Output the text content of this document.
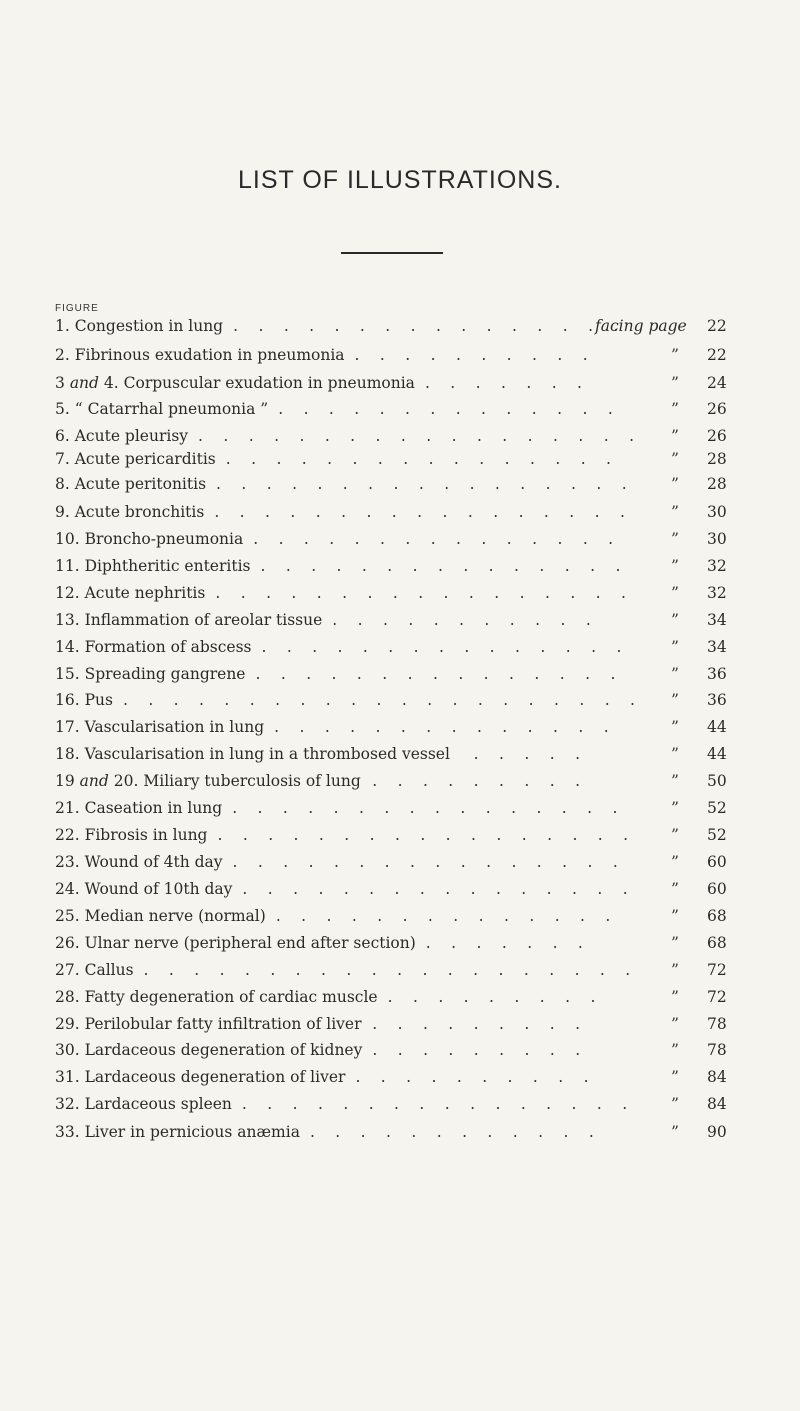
LIST OF ILLUSTRATIONS.
FIGURE
1. Congestion in lung	facing page 22
.  .  .  .  .  .  .  .  .  .  .  .  .  .  .  .
2. Fibrinous exudation in pneumonia	”	22
.  .  .  .  .  .  .  .  .  .
3 and 4. Corpuscular exudation in pneumonia	”	24
.  .  .  .  .  .  .
5. “ Catarrhal pneumonia ”	”	26
.  .  .  .  .  .  .  .  .  .  .  .  .  .
6. Acute pleurisy	”	26
.  .  .  .  .  .  .  .  .  .  .  .  .  .  .  .  .  .
7. Acute pericarditis	”	28
.  .  .  .  .  .  .  .  .  .  .  .  .  .  .  .
8. Acute peritonitis	”	28
.  .  .  .  .  .  .  .  .  .  .  .  .  .  .  .  .
9. Acute bronchitis	”	30
.  .  .  .  .  .  .  .  .  .  .  .  .  .  .  .  .
10. Broncho-pneumonia	”	30
.  .  .  .  .  .  .  .  .  .  .  .  .  .  .
11. Diphtheritic enteritis	”	32
.  .  .  .  .  .  .  .  .  .  .  .  .  .  .
12. Acute nephritis	”	32
.  .  .  .  .  .  .  .  .  .  .  .  .  .  .  .  .
13. Inflammation of areolar tissue	”	34
.  .  .  .  .  .  .  .  .  .  .
14. Formation of abscess	”	34
.  .  .  .  .  .  .  .  .  .  .  .  .  .  .
15. Spreading gangrene	”	36
.  .  .  .  .  .  .  .  .  .  .  .  .  .  .
16. Pus	”	36
.  .  .  .  .  .  .  .  .  .  .  .  .  .  .  .  .  .  .  .  .
17. Vascularisation in lung	”	44
.  .  .  .  .  .  .  .  .  .  .  .  .  .
18. Vascularisation in lung in a thrombosed vessel	”	44
.  .  .  .  .
19 and 20. Miliary tuberculosis of lung	”	50
.  .  .  .  .  .  .  .  .
21. Caseation in lung	”	52
.  .  .  .  .  .  .  .  .  .  .  .  .  .  .  .
22. Fibrosis in lung	”	52
.  .  .  .  .  .  .  .  .  .  .  .  .  .  .  .  .
23. Wound of 4th day	”	60
.  .  .  .  .  .  .  .  .  .  .  .  .  .  .  .
24. Wound of 10th day	”	60
.  .  .  .  .  .  .  .  .  .  .  .  .  .  .  .
25. Median nerve (normal)	”	68
.  .  .  .  .  .  .  .  .  .  .  .  .  .
26. Ulnar nerve (peripheral end after section)	”	68
.  .  .  .  .  .  .
27. Callus	”	72
.  .  .  .  .  .  .  .  .  .  .  .  .  .  .  .  .  .  .  .
28. Fatty degeneration of cardiac muscle	”	72
.  .  .  .  .  .  .  .  .
29. Perilobular fatty infiltration of liver	”	78
.  .  .  .  .  .  .  .  .
30. Lardaceous degeneration of kidney	”	78
.  .  .  .  .  .  .  .  .
31. Lardaceous degeneration of liver	”	84
.  .  .  .  .  .  .  .  .  .
32. Lardaceous spleen	”	84
.  .  .  .  .  .  .  .  .  .  .  .  .  .  .  .
33. Liver in pernicious anæmia	”	90
.  .  .  .  .  .  .  .  .  .  .  .
